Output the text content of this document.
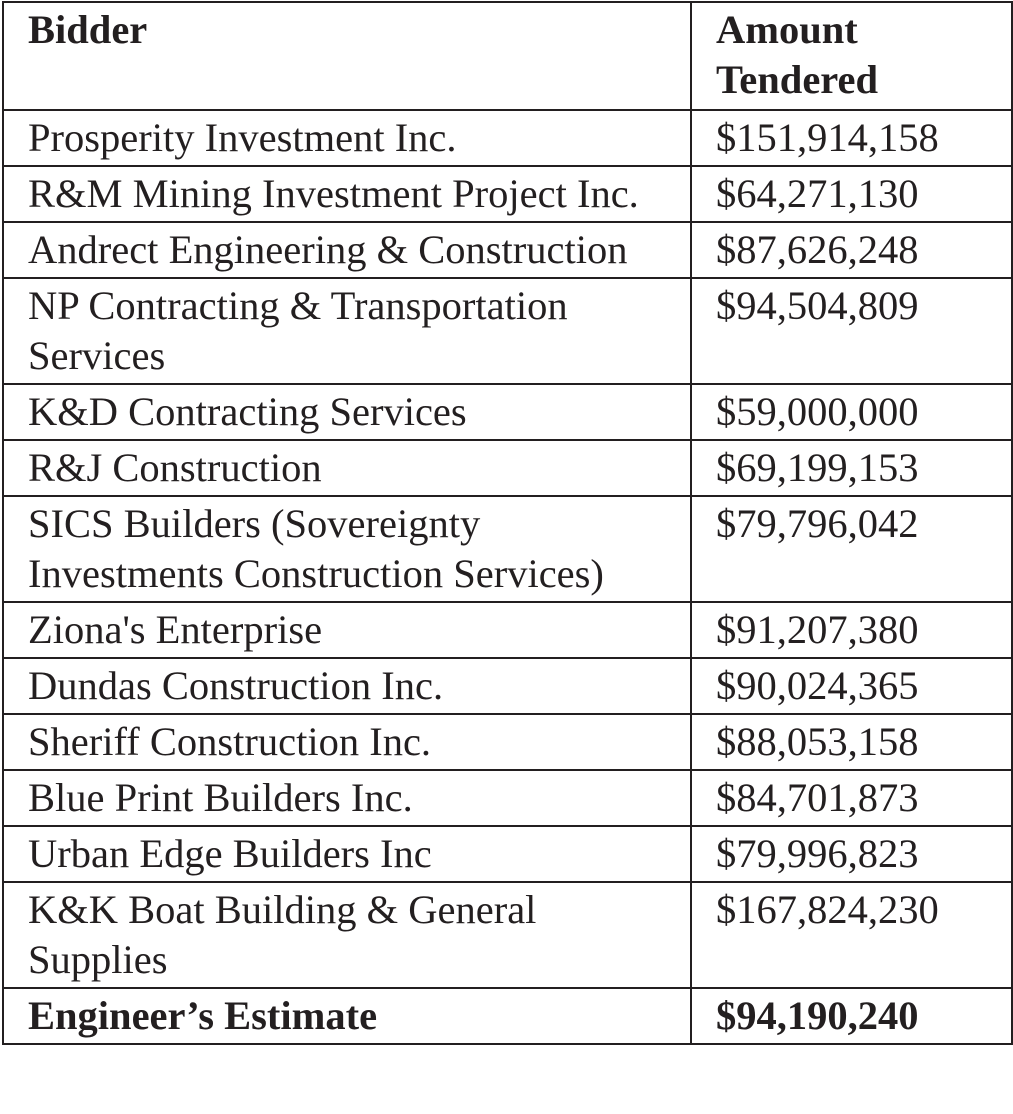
Bidder	Amount
Tendered

Prosperity Investment Inc.	$151,914,158
R&M Mining Investment Project Inc.	$64,271,130
Andrect Engineering & Construction	$87,626,248
NP Contracting & Transportation Services	$94,504,809
K&D Contracting Services	$59,000,000
R&J Construction	$69,199,153
SICS Builders (Sovereignty Investments Construction Services)	$79,796,042
Ziona's Enterprise	$91,207,380
Dundas Construction Inc.	$90,024,365
Sheriff Construction Inc.	$88,053,158
Blue Print Builders Inc.	$84,701,873
Urban Edge Builders Inc	$79,996,823
K&K Boat Building & General Supplies	$167,824,230
Engineer’s Estimate	$94,190,240
